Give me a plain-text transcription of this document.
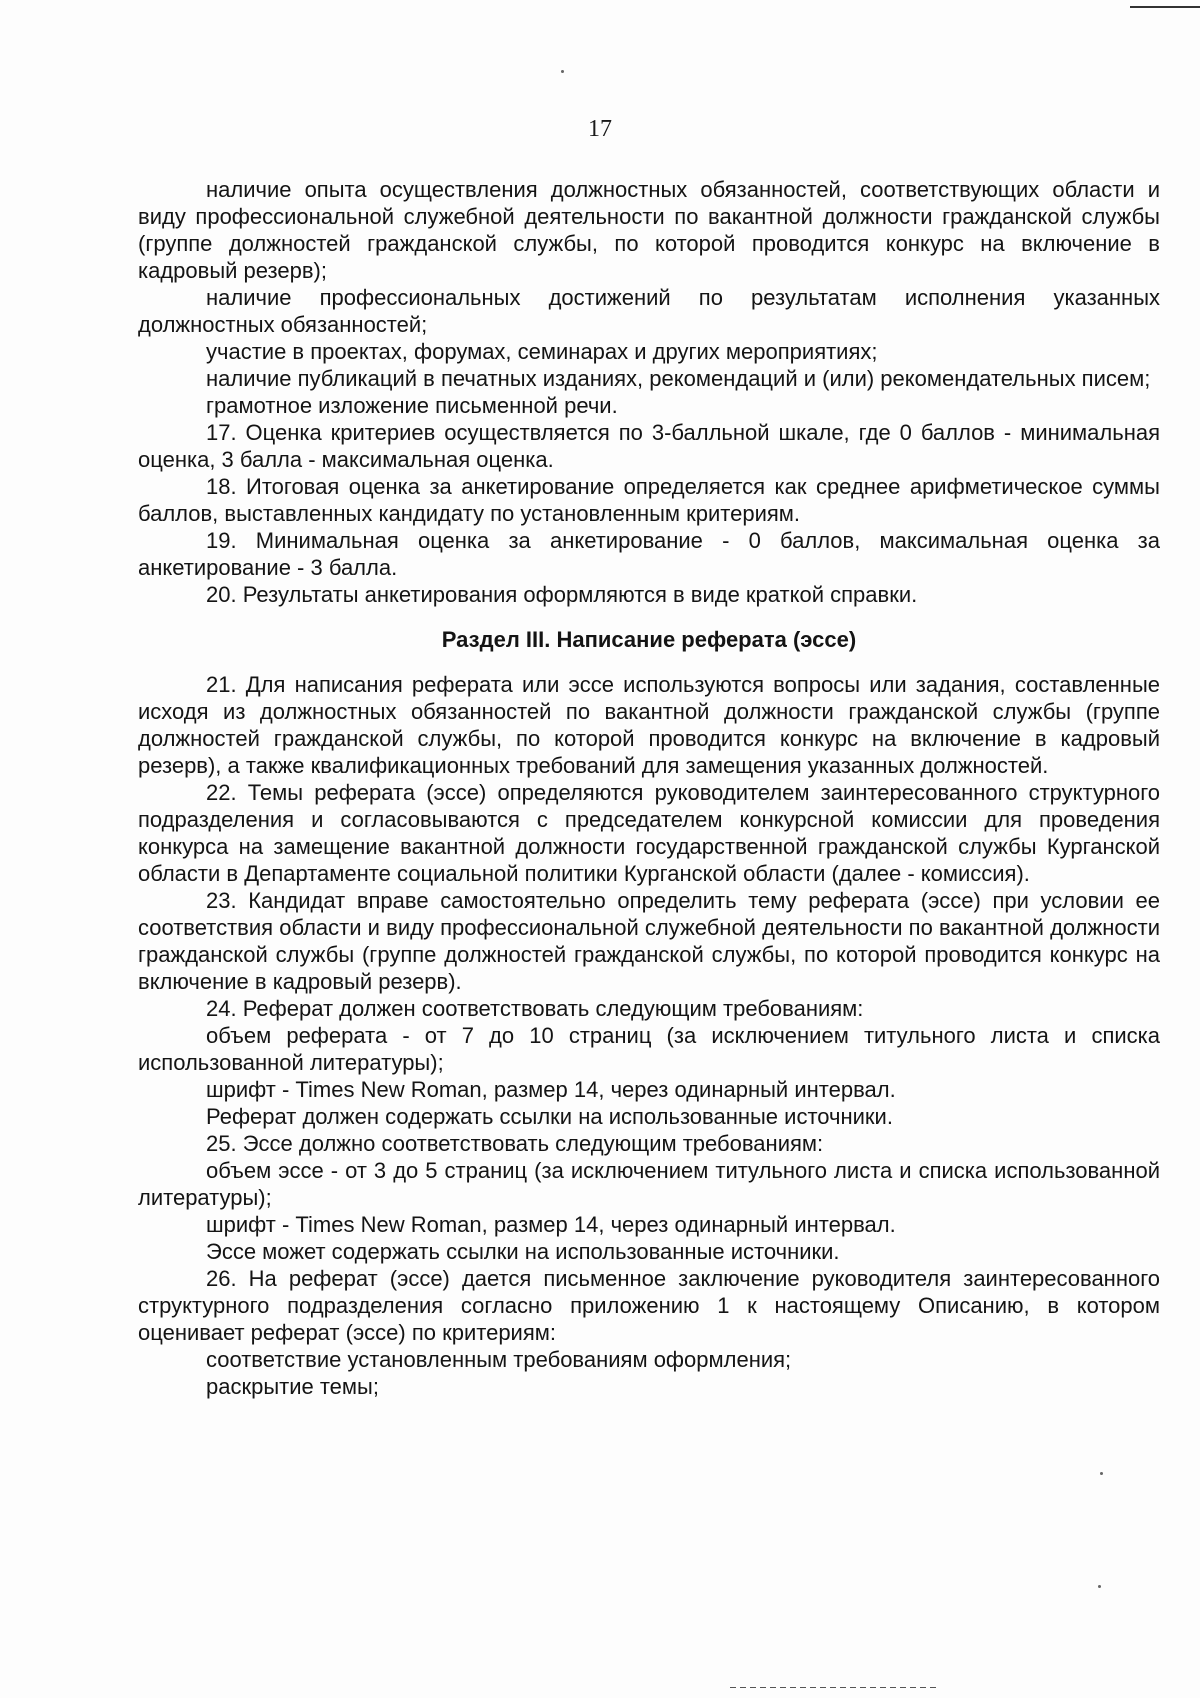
17

наличие опыта осуществления должностных обязанностей, соответствующих области и виду профессиональной служебной деятельности по вакантной должности гражданской службы (группе должностей гражданской службы, по которой проводится конкурс на включение в кадровый резерв);

наличие профессиональных достижений по результатам исполнения указанных должностных обязанностей;

участие в проектах, форумах, семинарах и других мероприятиях;

наличие публикаций в печатных изданиях, рекомендаций и (или) рекомендательных писем;

грамотное изложение письменной речи.

17. Оценка критериев осуществляется по 3-балльной шкале, где 0 баллов - минимальная оценка, 3 балла - максимальная оценка.

18. Итоговая оценка за анкетирование определяется как среднее арифметическое суммы баллов, выставленных кандидату по установленным критериям.

19. Минимальная оценка за анкетирование - 0 баллов, максимальная оценка за анкетирование - 3 балла.

20. Результаты анкетирования оформляются в виде краткой справки.

Раздел III. Написание реферата (эссе)

21. Для написания реферата или эссе используются вопросы или задания, составленные исходя из должностных обязанностей по вакантной должности гражданской службы (группе должностей гражданской службы, по которой проводится конкурс на включение в кадровый резерв), а также квалификационных требований для замещения указанных должностей.

22. Темы реферата (эссе) определяются руководителем заинтересованного структурного подразделения и согласовываются с председателем конкурсной комиссии для проведения конкурса на замещение вакантной должности государственной гражданской службы Курганской области в Департаменте социальной политики Курганской области (далее - комиссия).

23. Кандидат вправе самостоятельно определить тему реферата (эссе) при условии ее соответствия области и виду профессиональной служебной деятельности по вакантной должности гражданской службы (группе должностей гражданской службы, по которой проводится конкурс на включение в кадровый резерв).

24. Реферат должен соответствовать следующим требованиям:

объем реферата - от 7 до 10 страниц (за исключением титульного листа и списка использованной литературы);

шрифт - Times New Roman, размер 14, через одинарный интервал.

Реферат должен содержать ссылки на использованные источники.

25. Эссе должно соответствовать следующим требованиям:

объем эссе - от 3 до 5 страниц (за исключением титульного листа и списка использованной литературы);

шрифт - Times New Roman, размер 14, через одинарный интервал.

Эссе может содержать ссылки на использованные источники.

26. На реферат (эссе) дается письменное заключение руководителя заинтересованного структурного подразделения согласно приложению 1 к настоящему Описанию, в котором оценивает реферат (эссе) по критериям:

соответствие установленным требованиям оформления;

раскрытие темы;
